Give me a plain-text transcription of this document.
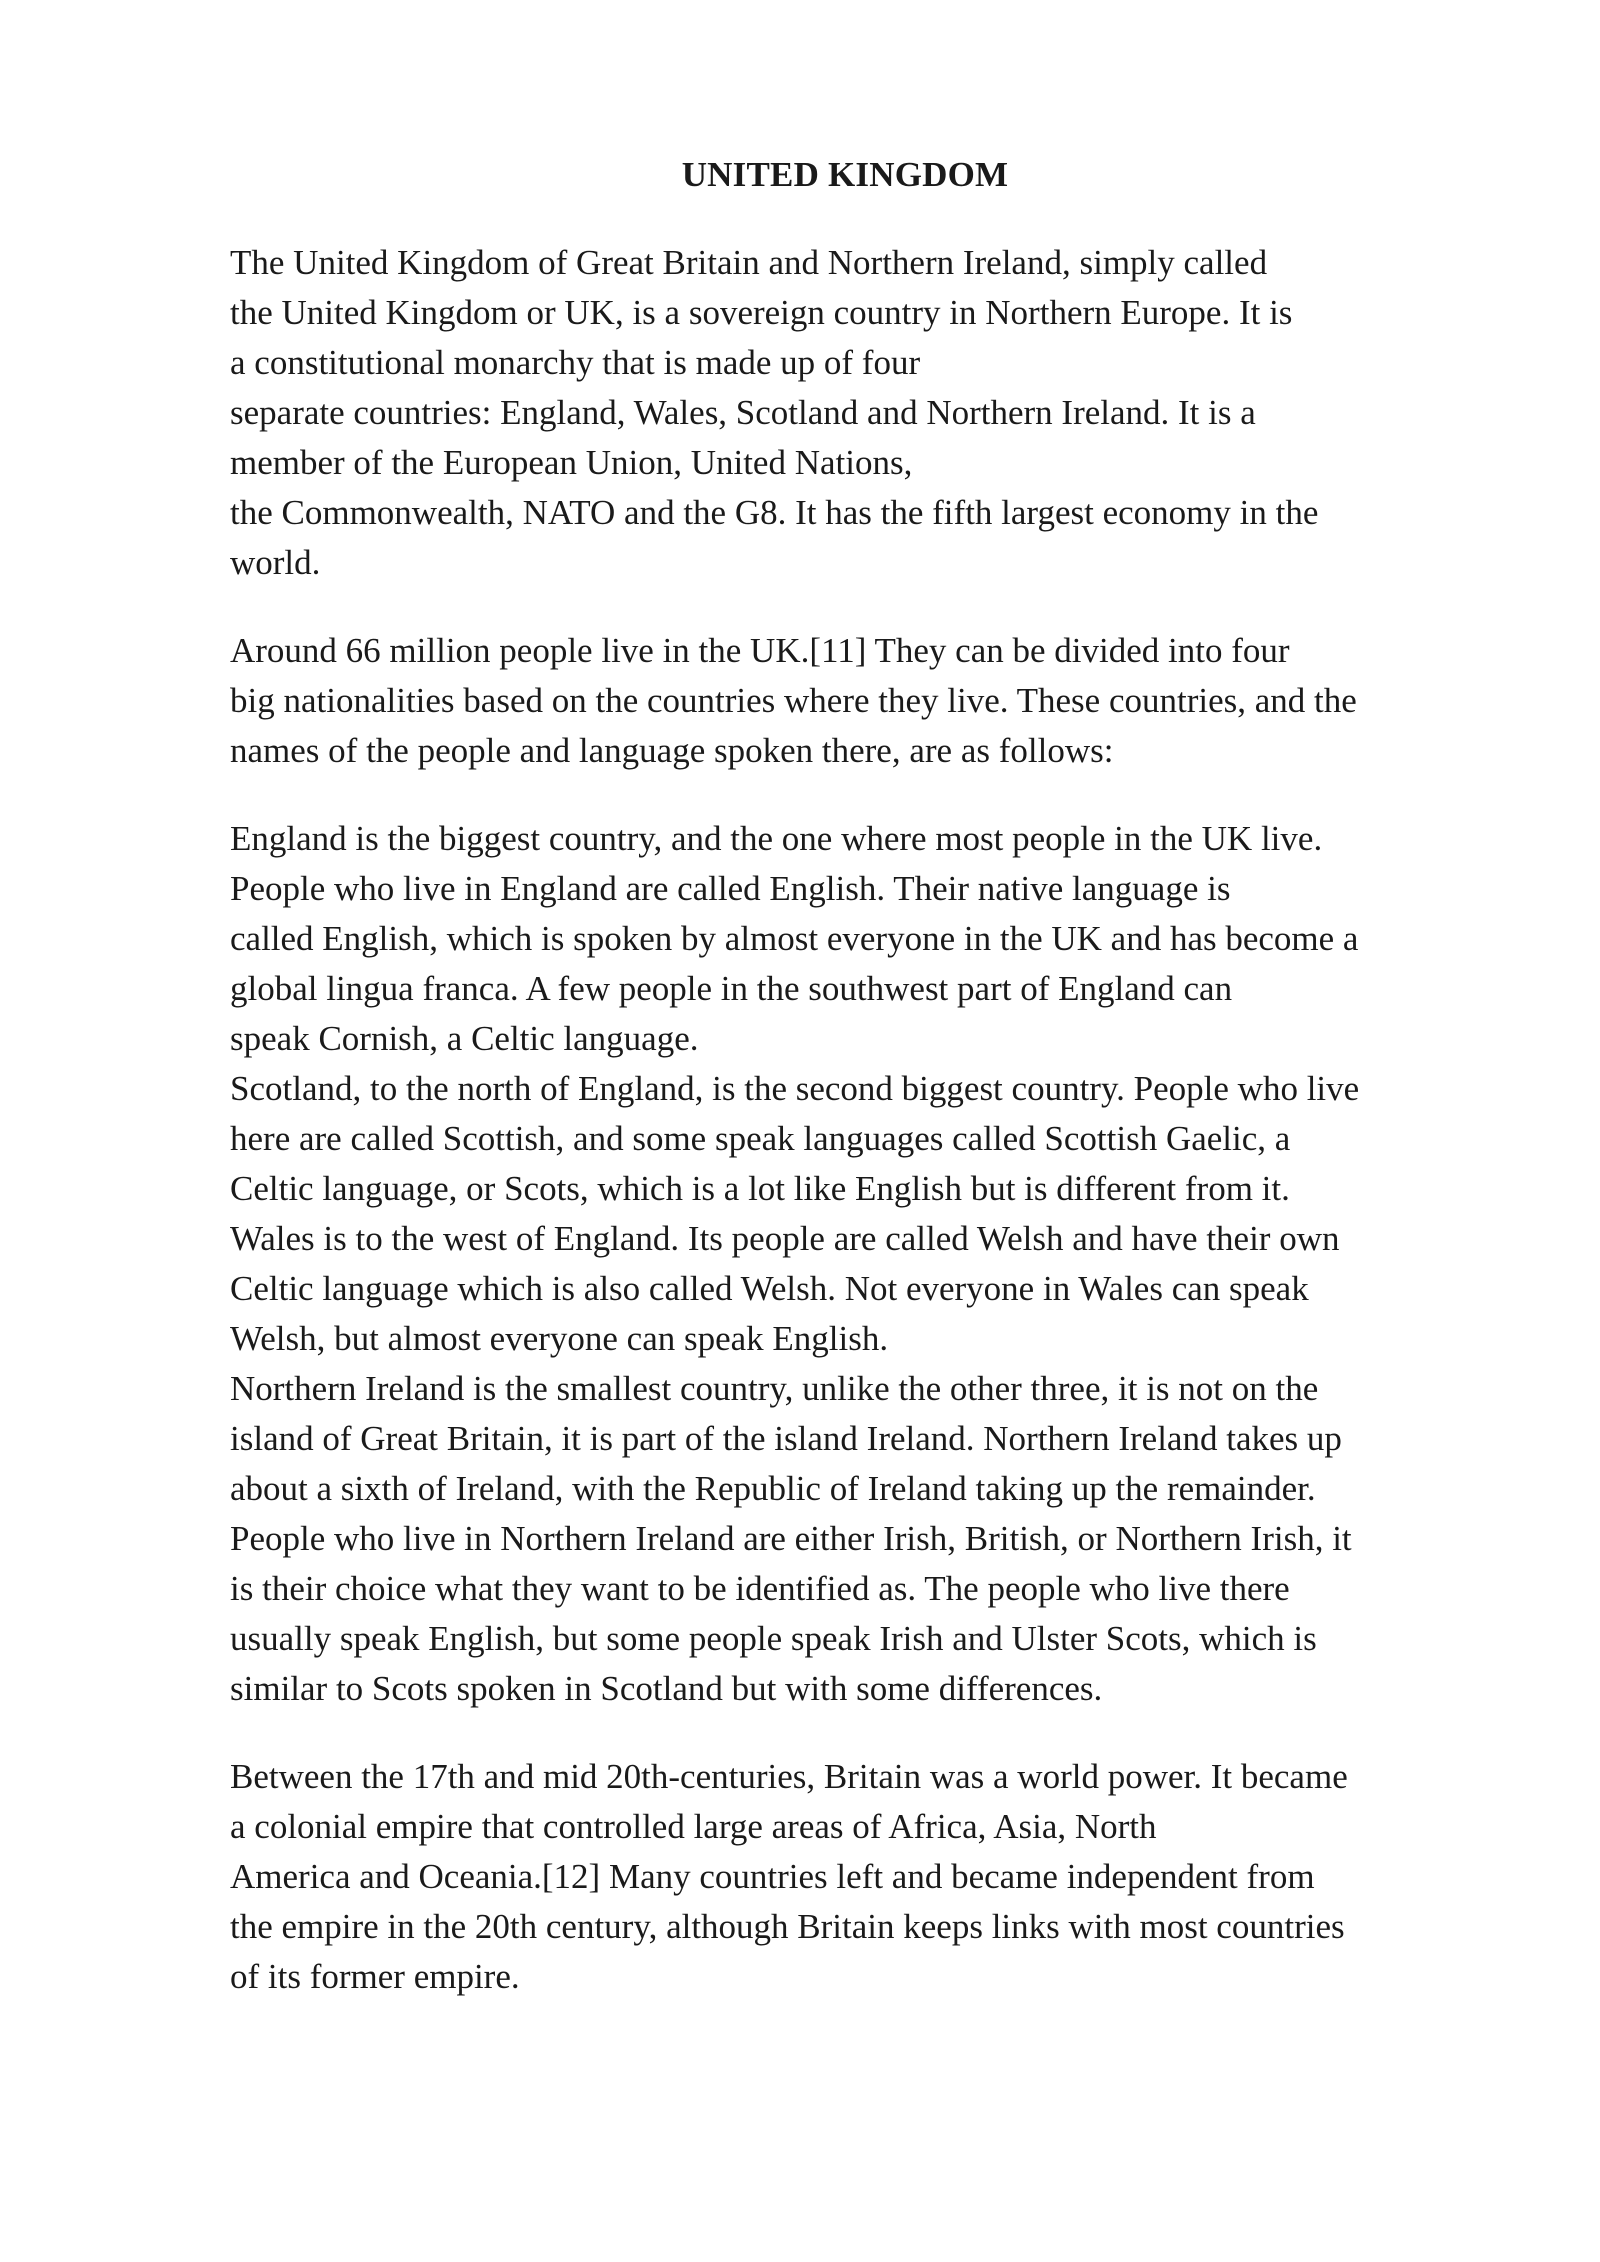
UNITED KINGDOM

The United Kingdom of Great Britain and Northern Ireland, simply called
the United Kingdom or UK, is a sovereign country in Northern Europe. It is
a constitutional monarchy that is made up of four
separate countries: England, Wales, Scotland and Northern Ireland. It is a
member of the European Union, United Nations,
the Commonwealth, NATO and the G8. It has the fifth largest economy in the
world.

Around 66 million people live in the UK.[11] They can be divided into four
big nationalities based on the countries where they live. These countries, and the
names of the people and language spoken there, are as follows:

England is the biggest country, and the one where most people in the UK live.
People who live in England are called English. Their native language is
called English, which is spoken by almost everyone in the UK and has become a
global lingua franca. A few people in the southwest part of England can
speak Cornish, a Celtic language.

Scotland, to the north of England, is the second biggest country. People who live
here are called Scottish, and some speak languages called Scottish Gaelic, a
Celtic language, or Scots, which is a lot like English but is different from it.

Wales is to the west of England. Its people are called Welsh and have their own
Celtic language which is also called Welsh. Not everyone in Wales can speak
Welsh, but almost everyone can speak English.

Northern Ireland is the smallest country, unlike the other three, it is not on the
island of Great Britain, it is part of the island Ireland. Northern Ireland takes up
about a sixth of Ireland, with the Republic of Ireland taking up the remainder.
People who live in Northern Ireland are either Irish, British, or Northern Irish, it
is their choice what they want to be identified as. The people who live there
usually speak English, but some people speak Irish and Ulster Scots, which is
similar to Scots spoken in Scotland but with some differences.

Between the 17th and mid 20th-centuries, Britain was a world power. It became
a colonial empire that controlled large areas of Africa, Asia, North
America and Oceania.[12] Many countries left and became independent from
the empire in the 20th century, although Britain keeps links with most countries
of its former empire.
